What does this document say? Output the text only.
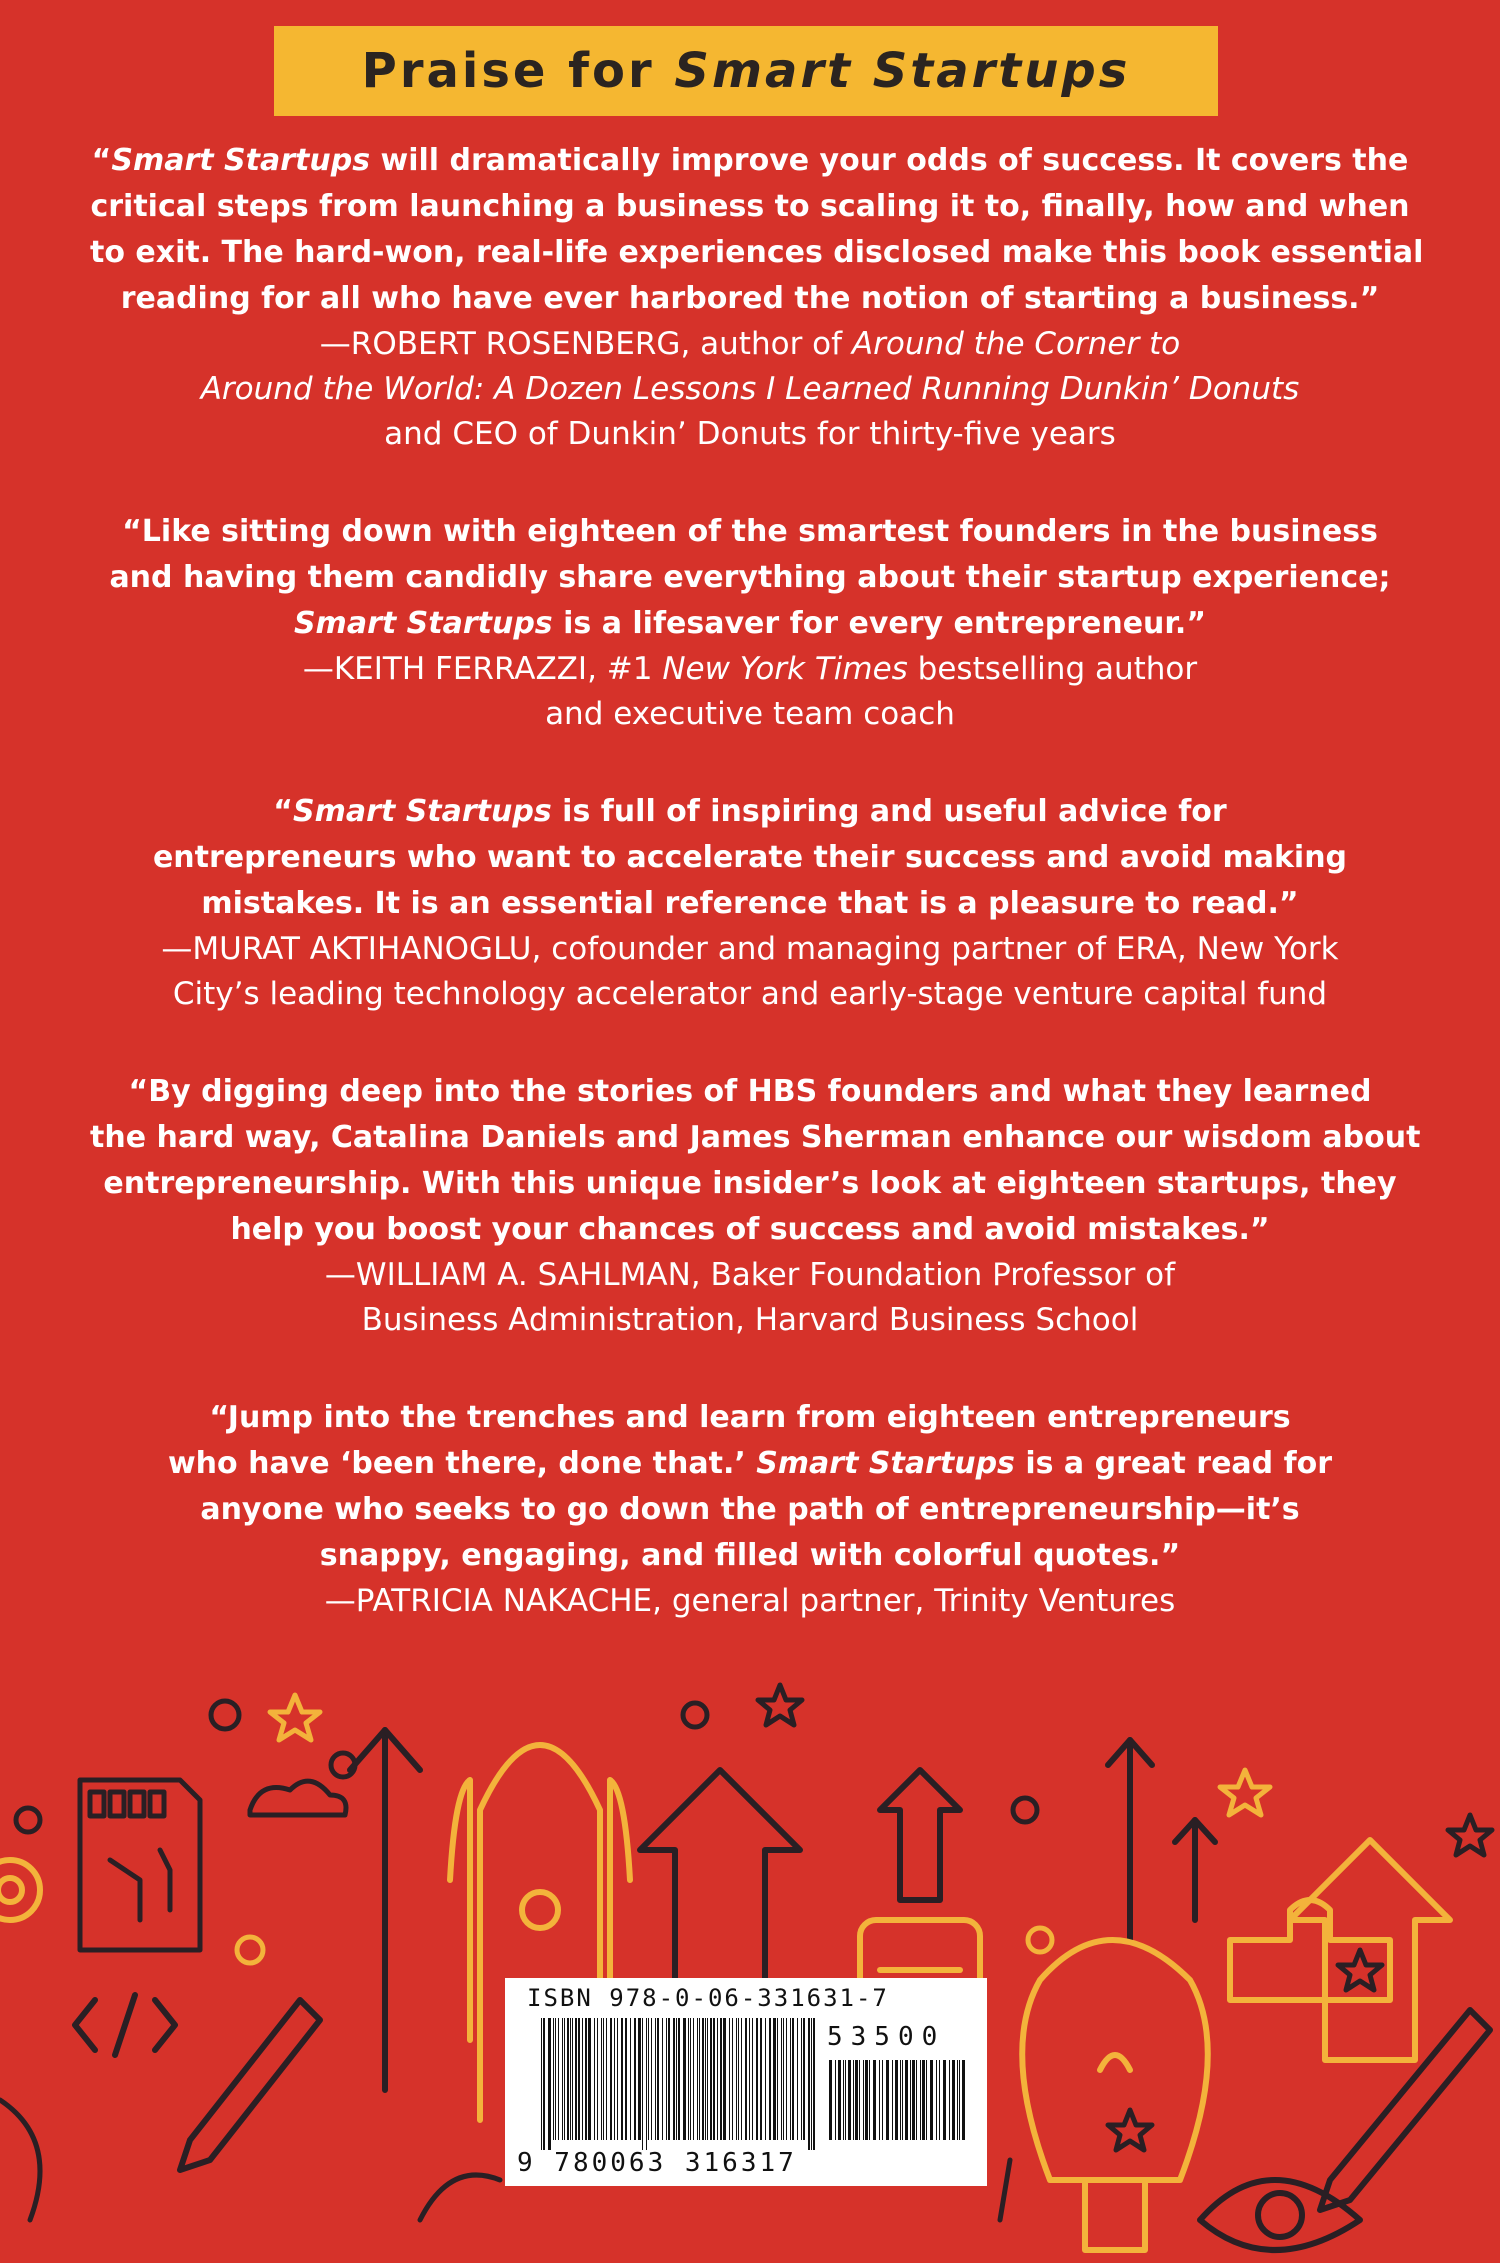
Praise for Smart Startups
“Smart Startups will dramatically improve your odds of success. It covers the
critical steps from launching a business to scaling it to, finally, how and when
to exit. The hard-won, real-life experiences disclosed make this book essential
reading for all who have ever harbored the notion of starting a business.”
—ROBERT ROSENBERG, author of Around the Corner to
Around the World: A Dozen Lessons I Learned Running Dunkin’ Donuts
and CEO of Dunkin’ Donuts for thirty-five years
“Like sitting down with eighteen of the smartest founders in the business
and having them candidly share everything about their startup experience;
Smart Startups is a lifesaver for every entrepreneur.”
—KEITH FERRAZZI, #1 New York Times bestselling author
and executive team coach
“Smart Startups is full of inspiring and useful advice for
entrepreneurs who want to accelerate their success and avoid making
mistakes. It is an essential reference that is a pleasure to read.”
—MURAT AKTIHANOGLU, cofounder and managing partner of ERA, New York
City’s leading technology accelerator and early-stage venture capital fund
“By digging deep into the stories of HBS founders and what they learned
the hard way, Catalina Daniels and James Sherman enhance our wisdom about
entrepreneurship. With this unique insider’s look at eighteen startups, they
help you boost your chances of success and avoid mistakes.”
—WILLIAM A. SAHLMAN, Baker Foundation Professor of
Business Administration, Harvard Business School
“Jump into the trenches and learn from eighteen entrepreneurs
who have ‘been there, done that.’ Smart Startups is a great read for
anyone who seeks to go down the path of entrepreneurship—it’s
snappy, engaging, and filled with colorful quotes.”
—PATRICIA NAKACHE, general partner, Trinity Ventures
ISBN 978-0-06-331631-7
53500
9 780063 316317
